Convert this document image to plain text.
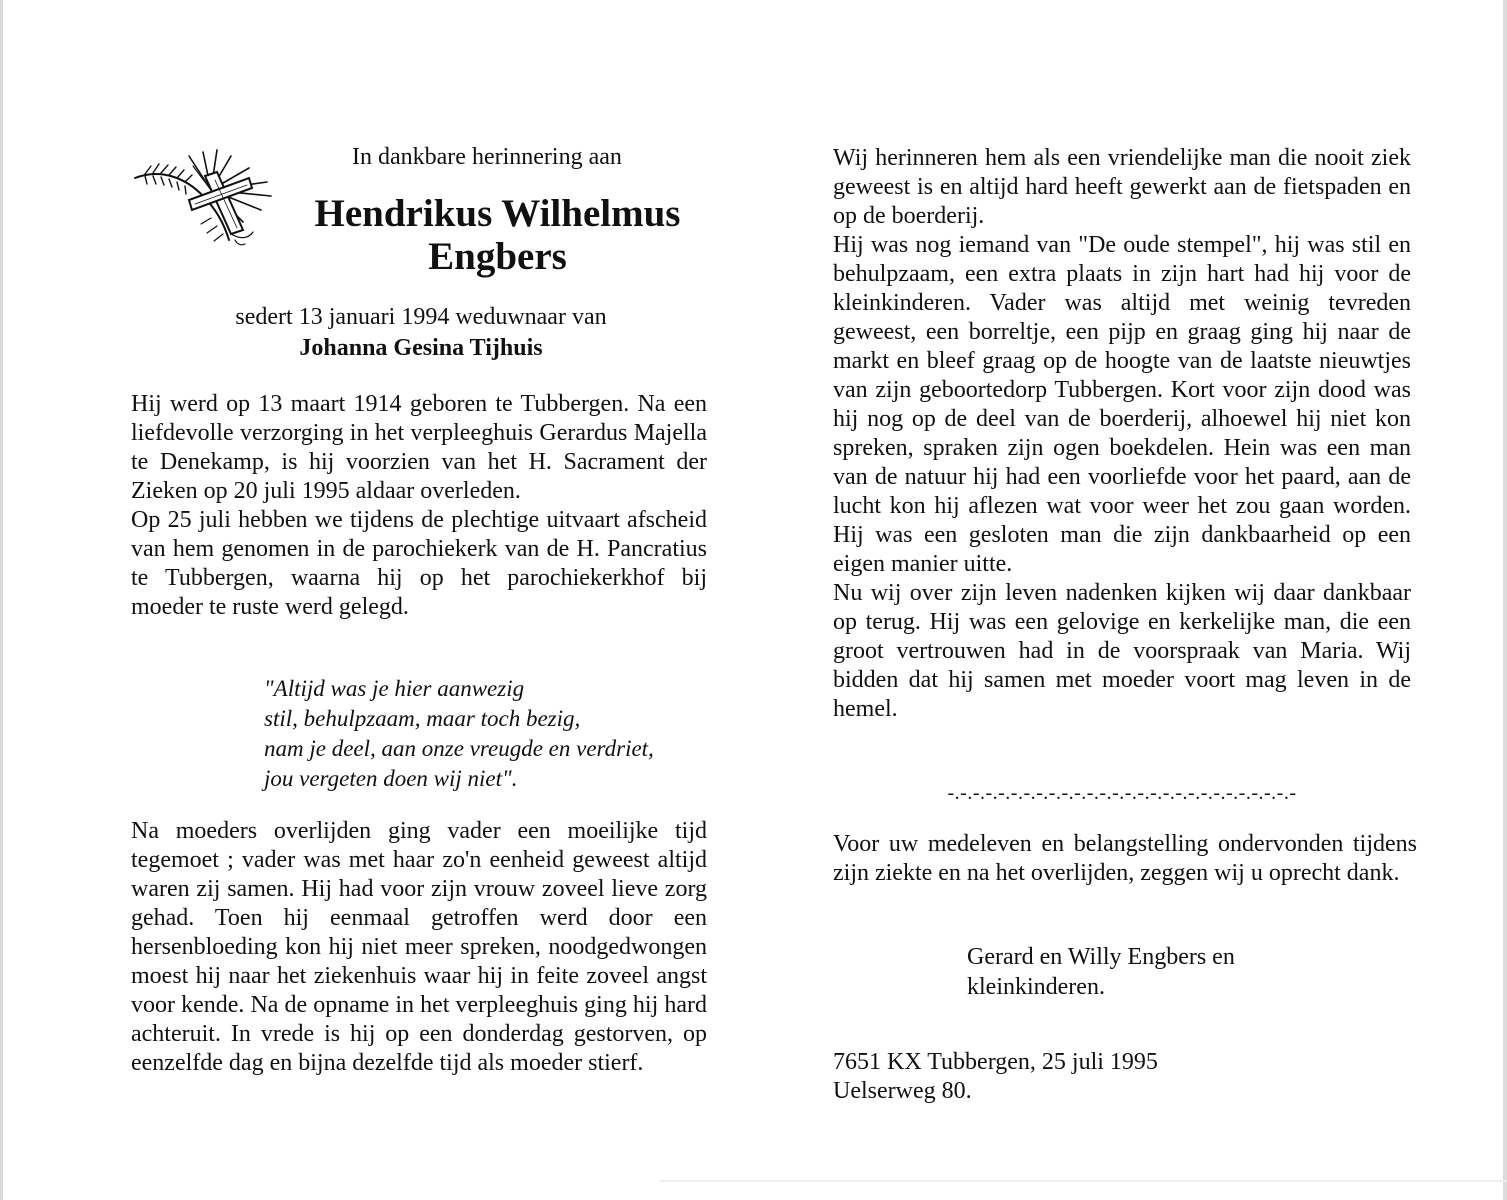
In dankbare herinnering aan
Hendrikus Wilhelmus
Engbers
sedert 13 januari 1994 weduwnaar van
Johanna Gesina Tijhuis

Hij werd op 13 maart 1914 geboren te Tubbergen. Na een liefdevolle verzorging in het verpleeghuis Gerardus Majella te Denekamp, is hij voorzien van het H. Sacrament der Zieken op 20 juli 1995 aldaar overleden.

Op 25 juli hebben we tijdens de plechtige uitvaart afscheid van hem genomen in de parochiekerk van de H. Pancratius te Tubbergen, waarna hij op het parochiekerkhof bij moeder te ruste werd gelegd.

"Altijd was je hier aanwezig
stil, behulpzaam, maar toch bezig,
nam je deel, aan onze vreugde en verdriet,
jou vergeten doen wij niet".

Na moeders overlijden ging vader een moeilijke tijd tegemoet ; vader was met haar zo'n eenheid geweest altijd waren zij samen. Hij had voor zijn vrouw zoveel lieve zorg gehad. Toen hij eenmaal getroffen werd door een hersenbloeding kon hij niet meer spreken, noodgedwongen moest hij naar het ziekenhuis waar hij in feite zoveel angst voor kende. Na de opname in het verpleeghuis ging hij hard achteruit. In vrede is hij op een donderdag gestorven, op eenzelfde dag en bijna dezelfde tijd als moeder stierf.

Wij herinneren hem als een vriendelijke man die nooit ziek geweest is en altijd hard heeft gewerkt aan de fietspaden en op de boerderij.

Hij was nog iemand van "De oude stempel", hij was stil en behulpzaam, een extra plaats in zijn hart had hij voor de kleinkinderen. Vader was altijd met weinig tevreden geweest, een borreltje, een pijp en graag ging hij naar de markt en bleef graag op de hoogte van de laatste nieuwtjes van zijn geboortedorp Tubbergen. Kort voor zijn dood was hij nog op de deel van de boerderij, alhoewel hij niet kon spreken, spraken zijn ogen boekdelen. Hein was een man van de natuur hij had een voorliefde voor het paard, aan de lucht kon hij aflezen wat voor weer het zou gaan worden. Hij was een gesloten man die zijn dankbaarheid op een eigen manier uitte.

Nu wij over zijn leven nadenken kijken wij daar dankbaar op terug. Hij was een gelovige en kerkelijke man, die een groot vertrouwen had in de voorspraak van Maria. Wij bidden dat hij samen met moeder voort mag leven in de hemel.

-.-.-.-.-.-.-.-.-.-.-.-.-.-.-.-.-.-.-.-.-.-.-.-.-.-.-.-

Voor uw medeleven en belangstelling ondervonden tijdens zijn ziekte en na het overlijden, zeggen wij u oprecht dank.

Gerard en Willy Engbers en
kleinkinderen.
7651 KX Tubbergen, 25 juli 1995
Uelserweg 80.
